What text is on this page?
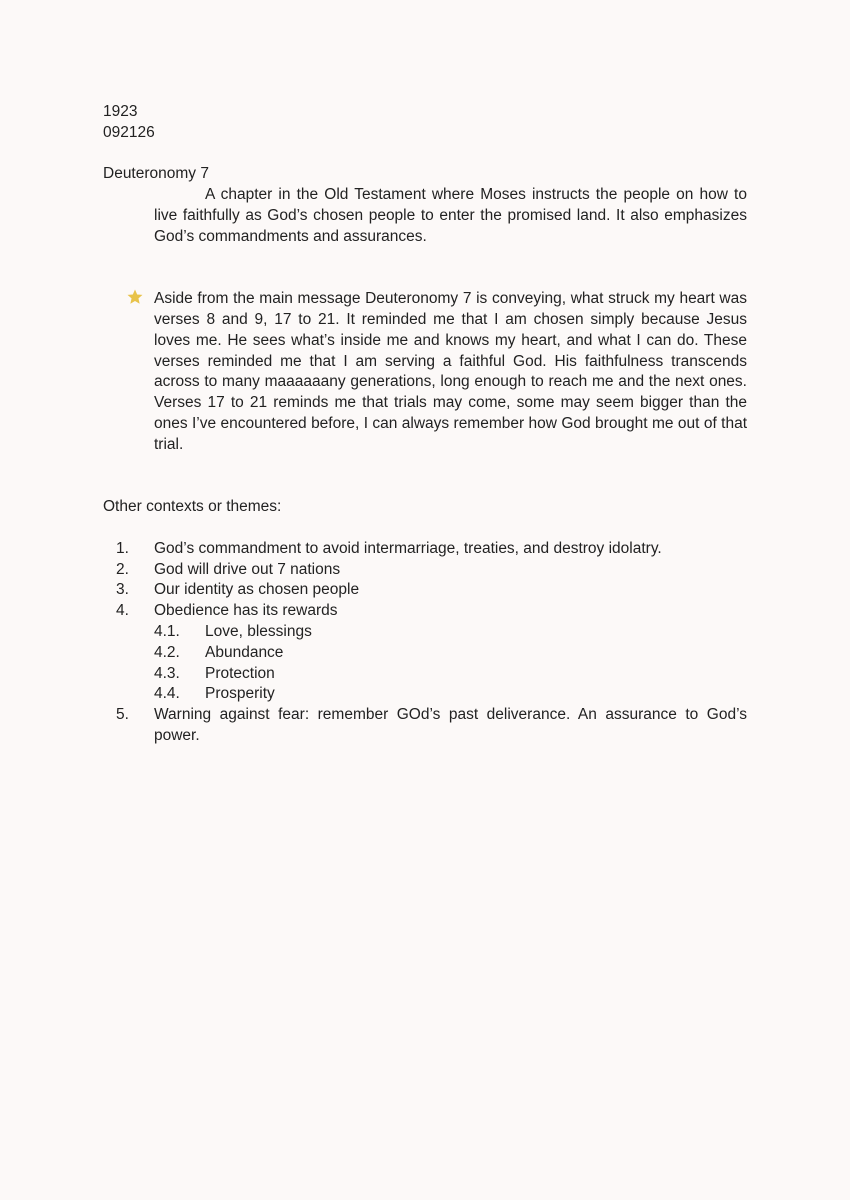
1923
092126
Deuteronomy 7
A chapter in the Old Testament where Moses instructs the people on how to live faithfully as God’s chosen people to enter the promised land. It also emphasizes God’s commandments and assurances.
Aside from the main message Deuteronomy 7 is conveying, what struck my heart was verses 8 and 9, 17 to 21. It reminded me that I am chosen simply because Jesus loves me. He sees what’s inside me and knows my heart, and what I can do. These verses reminded me that I am serving a faithful God. His faithfulness transcends across to many maaaaaany generations, long enough to reach me and the next ones. Verses 17 to 21 reminds me that trials may come, some may seem bigger than the ones I’ve encountered before, I can always remember how God brought me out of that trial.
Other contexts or themes:
1. God’s commandment to avoid intermarriage, treaties, and destroy idolatry.
2. God will drive out 7 nations
3. Our identity as chosen people
4. Obedience has its rewards
4.1. Love, blessings
4.2. Abundance
4.3. Protection
4.4. Prosperity
5. Warning against fear: remember GOd’s past deliverance. An assurance to God’s power.
